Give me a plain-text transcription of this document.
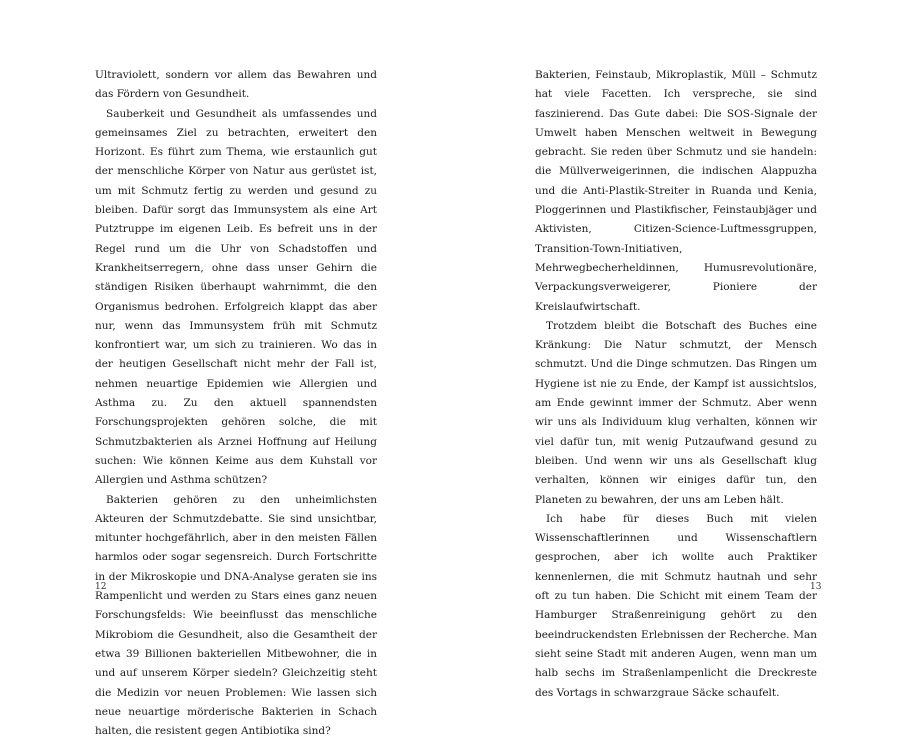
Ultraviolett, sondern vor allem das Bewahren und das Fördern von Gesundheit.

Sauberkeit und Gesundheit als umfassendes und gemeinsames Ziel zu betrachten, erweitert den Horizont. Es führt zum Thema, wie erstaunlich gut der menschliche Körper von Natur aus gerüstet ist, um mit Schmutz fertig zu werden und gesund zu bleiben. Dafür sorgt das Immunsystem als eine Art Putztruppe im eigenen Leib. Es befreit uns in der Regel rund um die Uhr von Schadstoffen und Krankheitserregern, ohne dass unser Gehirn die ständigen Risiken überhaupt wahrnimmt, die den Organismus bedrohen. Erfolgreich klappt das aber nur, wenn das Immunsystem früh mit Schmutz konfrontiert war, um sich zu trainieren. Wo das in der heutigen Gesellschaft nicht mehr der Fall ist, nehmen neuartige Epidemien wie Allergien und Asthma zu. Zu den aktuell spannendsten Forschungsprojekten gehören solche, die mit Schmutzbakterien als Arznei Hoffnung auf Heilung suchen: Wie können Keime aus dem Kuhstall vor Allergien und Asthma schützen?

Bakterien gehören zu den unheimlichsten Akteuren der Schmutzdebatte. Sie sind unsichtbar, mitunter hochgefährlich, aber in den meisten Fällen harmlos oder sogar segensreich. Durch Fortschritte in der Mikroskopie und DNA-Analyse geraten sie ins Rampenlicht und werden zu Stars eines ganz neuen Forschungsfelds: Wie beeinflusst das menschliche Mikrobiom die Gesundheit, also die Gesamtheit der etwa 39 Billionen bakteriellen Mitbewohner, die in und auf unserem Körper siedeln? Gleichzeitig steht die Medizin vor neuen Problemen: Wie lassen sich neue neuartige mörderische Bakterien in Schach halten, die resistent gegen Antibiotika sind?

Bakterien, Feinstaub, Mikroplastik, Müll – Schmutz hat viele Facetten. Ich verspreche, sie sind faszinierend. Das Gute dabei: Die SOS-Signale der Umwelt haben Menschen weltweit in Bewegung gebracht. Sie reden über Schmutz und sie handeln: die Müllverweigerinnen, die indischen Alappuzha und die Anti-Plastik-Streiter in Ruanda und Kenia, Ploggerinnen und Plastikfischer, Feinstaubjäger und Aktivisten, Citizen-Science-Luftmessgruppen, Transition-Town-Initiativen, Mehrwegbecherheldinnen, Humusrevolutionäre, Verpackungsverweigerer, Pioniere der Kreislaufwirtschaft.

Trotzdem bleibt die Botschaft des Buches eine Kränkung: Die Natur schmutzt, der Mensch schmutzt. Und die Dinge schmutzen. Das Ringen um Hygiene ist nie zu Ende, der Kampf ist aussichtslos, am Ende gewinnt immer der Schmutz. Aber wenn wir uns als Individuum klug verhalten, können wir viel dafür tun, mit wenig Putzaufwand gesund zu bleiben. Und wenn wir uns als Gesellschaft klug verhalten, können wir einiges dafür tun, den Planeten zu bewahren, der uns am Leben hält.

Ich habe für dieses Buch mit vielen Wissenschaftlerinnen und Wissenschaftlern gesprochen, aber ich wollte auch Praktiker kennenlernen, die mit Schmutz hautnah und sehr oft zu tun haben. Die Schicht mit einem Team der Hamburger Straßenreinigung gehört zu den beeindruckendsten Erlebnissen der Recherche. Man sieht seine Stadt mit anderen Augen, wenn man um halb sechs im Straßenlampenlicht die Dreckreste des Vortags in schwarzgraue Säcke schaufelt.

12	13
